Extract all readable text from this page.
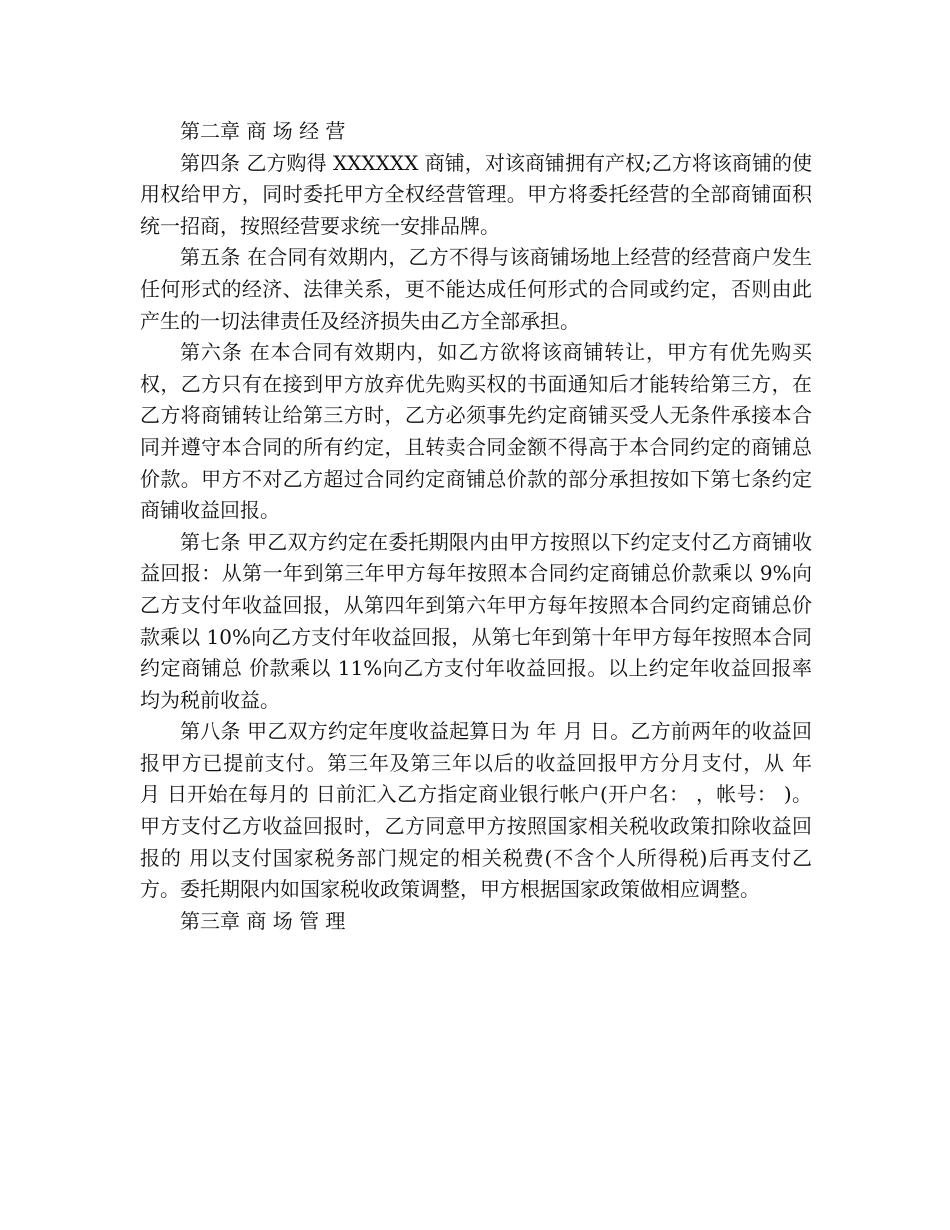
第二章 商 场 经 营

第四条 乙方购得 XXXXXX 商铺，对该商铺拥有产权;乙方将该商铺的使用权给甲方，同时委托甲方全权经营管理。甲方将委托经营的全部商铺面积统一招商，按照经营要求统一安排品牌。

第五条 在合同有效期内，乙方不得与该商铺场地上经营的经营商户发生任何形式的经济、法律关系，更不能达成任何形式的合同或约定，否则由此产生的一切法律责任及经济损失由乙方全部承担。

第六条 在本合同有效期内，如乙方欲将该商铺转让，甲方有优先购买权，乙方只有在接到甲方放弃优先购买权的书面通知后才能转给第三方，在乙方将商铺转让给第三方时，乙方必须事先约定商铺买受人无条件承接本合同并遵守本合同的所有约定，且转卖合同金额不得高于本合同约定的商铺总价款。甲方不对乙方超过合同约定商铺总价款的部分承担按如下第七条约定商铺收益回报。

第七条 甲乙双方约定在委托期限内由甲方按照以下约定支付乙方商铺收益回报：从第一年到第三年甲方每年按照本合同约定商铺总价款乘以 9%向乙方支付年收益回报，从第四年到第六年甲方每年按照本合同约定商铺总价款乘以 10%向乙方支付年收益回报，从第七年到第十年甲方每年按照本合同约定商铺总 价款乘以 11%向乙方支付年收益回报。以上约定年收益回报率均为税前收益。

第八条 甲乙双方约定年度收益起算日为 年 月 日。乙方前两年的收益回报甲方已提前支付。第三年及第三年以后的收益回报甲方分月支付，从 年 月 日开始在每月的 日前汇入乙方指定商业银行帐户(开户名： ，帐号： )。甲方支付乙方收益回报时，乙方同意甲方按照国家相关税收政策扣除收益回报的 用以支付国家税务部门规定的相关税费(不含个人所得税)后再支付乙方。委托期限内如国家税收政策调整，甲方根据国家政策做相应调整。

第三章 商 场 管 理
